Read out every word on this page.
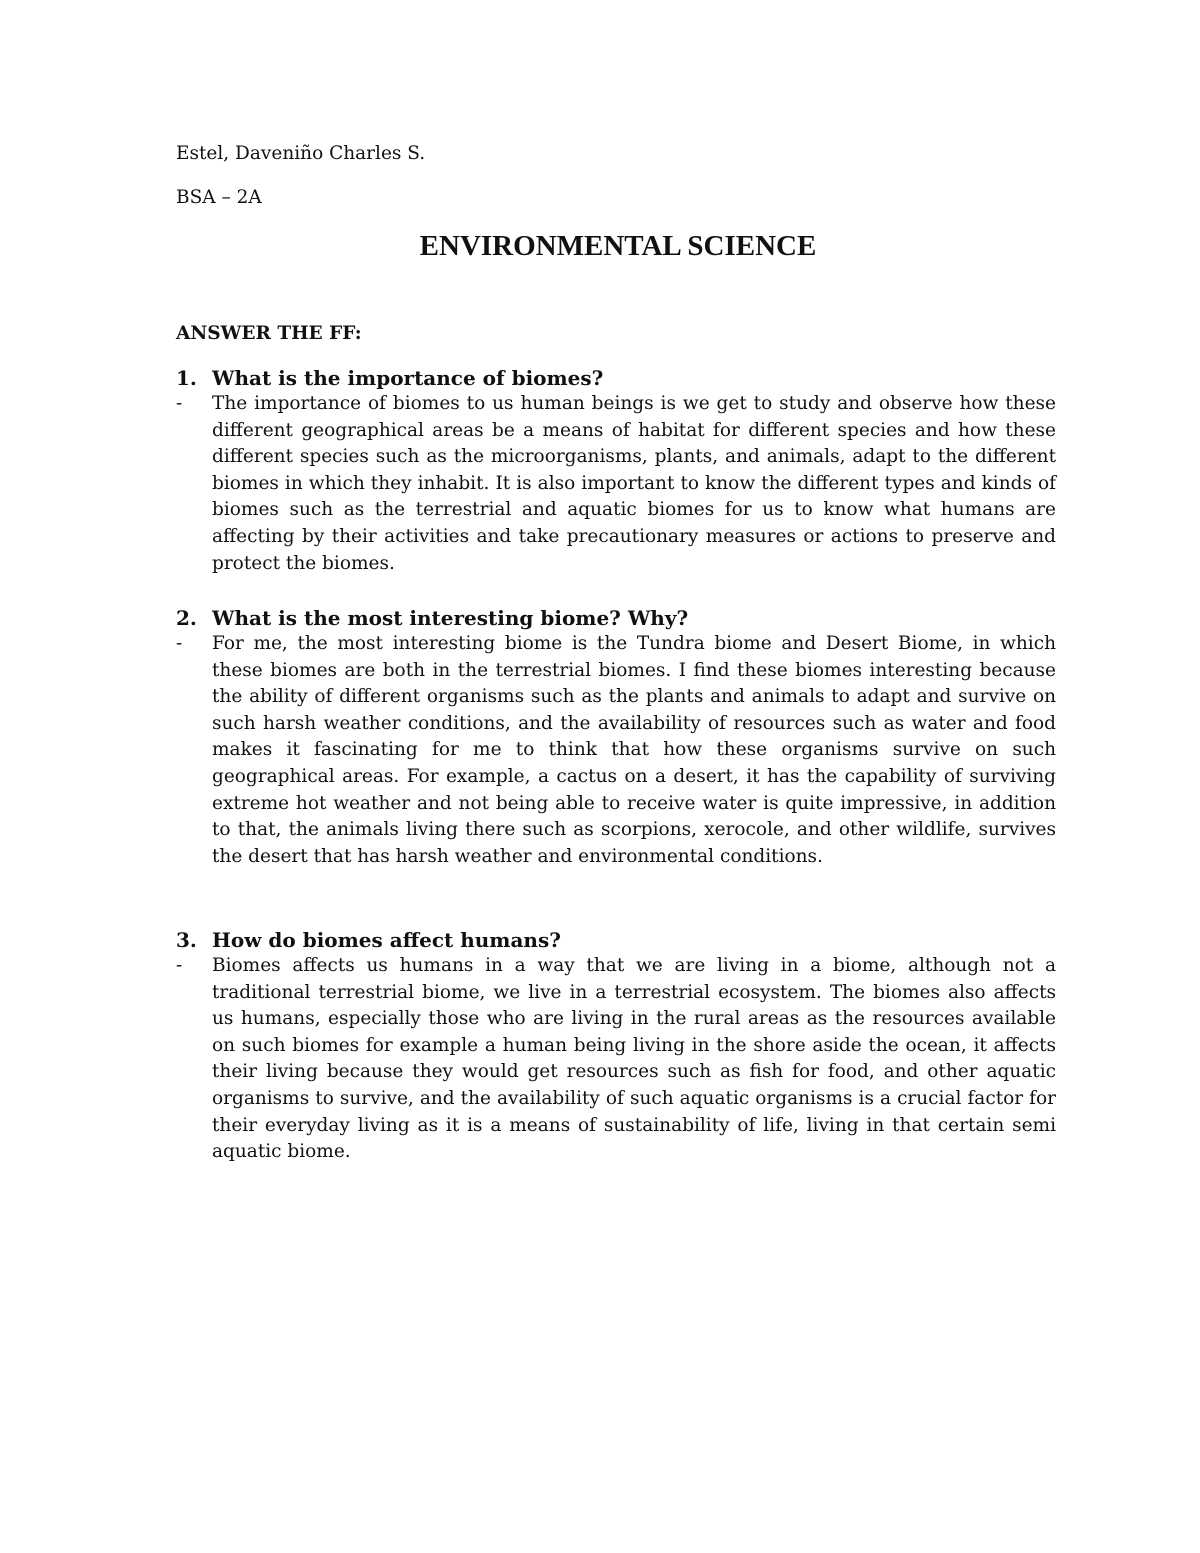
Estel, Daveniño Charles S.
BSA – 2A
ENVIRONMENTAL SCIENCE
ANSWER THE FF:
1. What is the importance of biomes?
-	The importance of biomes to us human beings is we get to study and observe how these different geographical areas be a means of habitat for different species and how these different species such as the microorganisms, plants, and animals, adapt to the different biomes in which they inhabit. It is also important to know the different types and kinds of biomes such as the terrestrial and aquatic biomes for us to know what humans are affecting by their activities and take precautionary measures or actions to preserve and protect the biomes.
2. What is the most interesting biome? Why?
-	For me, the most interesting biome is the Tundra biome and Desert Biome, in which these biomes are both in the terrestrial biomes. I find these biomes interesting because the ability of different organisms such as the plants and animals to adapt and survive on such harsh weather conditions, and the availability of resources such as water and food makes it fascinating for me to think that how these organisms survive on such geographical areas. For example, a cactus on a desert, it has the capability of surviving extreme hot weather and not being able to receive water is quite impressive, in addition to that, the animals living there such as scorpions, xerocole, and other wildlife, survives the desert that has harsh weather and environmental conditions.
3. How do biomes affect humans?
-	Biomes affects us humans in a way that we are living in a biome, although not a traditional terrestrial biome, we live in a terrestrial ecosystem. The biomes also affects us humans, especially those who are living in the rural areas as the resources available on such biomes for example a human being living in the shore aside the ocean, it affects their living because they would get resources such as fish for food, and other aquatic organisms to survive, and the availability of such aquatic organisms is a crucial factor for their everyday living as it is a means of sustainability of life, living in that certain semi aquatic biome.
